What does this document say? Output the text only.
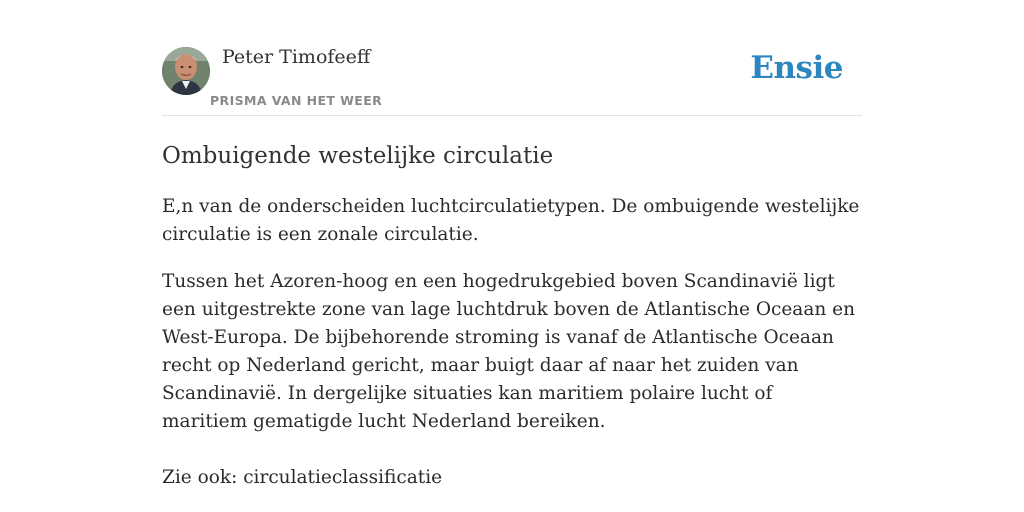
Peter Timofeeff
PRISMA VAN HET WEER
Ensie
Ombuigende westelijke circulatie

E,n van de onderscheiden luchtcirculatietypen. De ombuigende westelijke circulatie is een zonale circulatie.

Tussen het Azoren-hoog en een hogedrukgebied boven Scandinavië ligt een uitgestrekte zone van lage luchtdruk boven de Atlantische Oceaan en West-Europa. De bijbehorende stroming is vanaf de Atlantische Oceaan recht op Nederland gericht, maar buigt daar af naar het zuiden van Scandinavië. In dergelijke situaties kan maritiem polaire lucht of maritiem gematigde lucht Nederland bereiken.

Zie ook: circulatieclassificatie
